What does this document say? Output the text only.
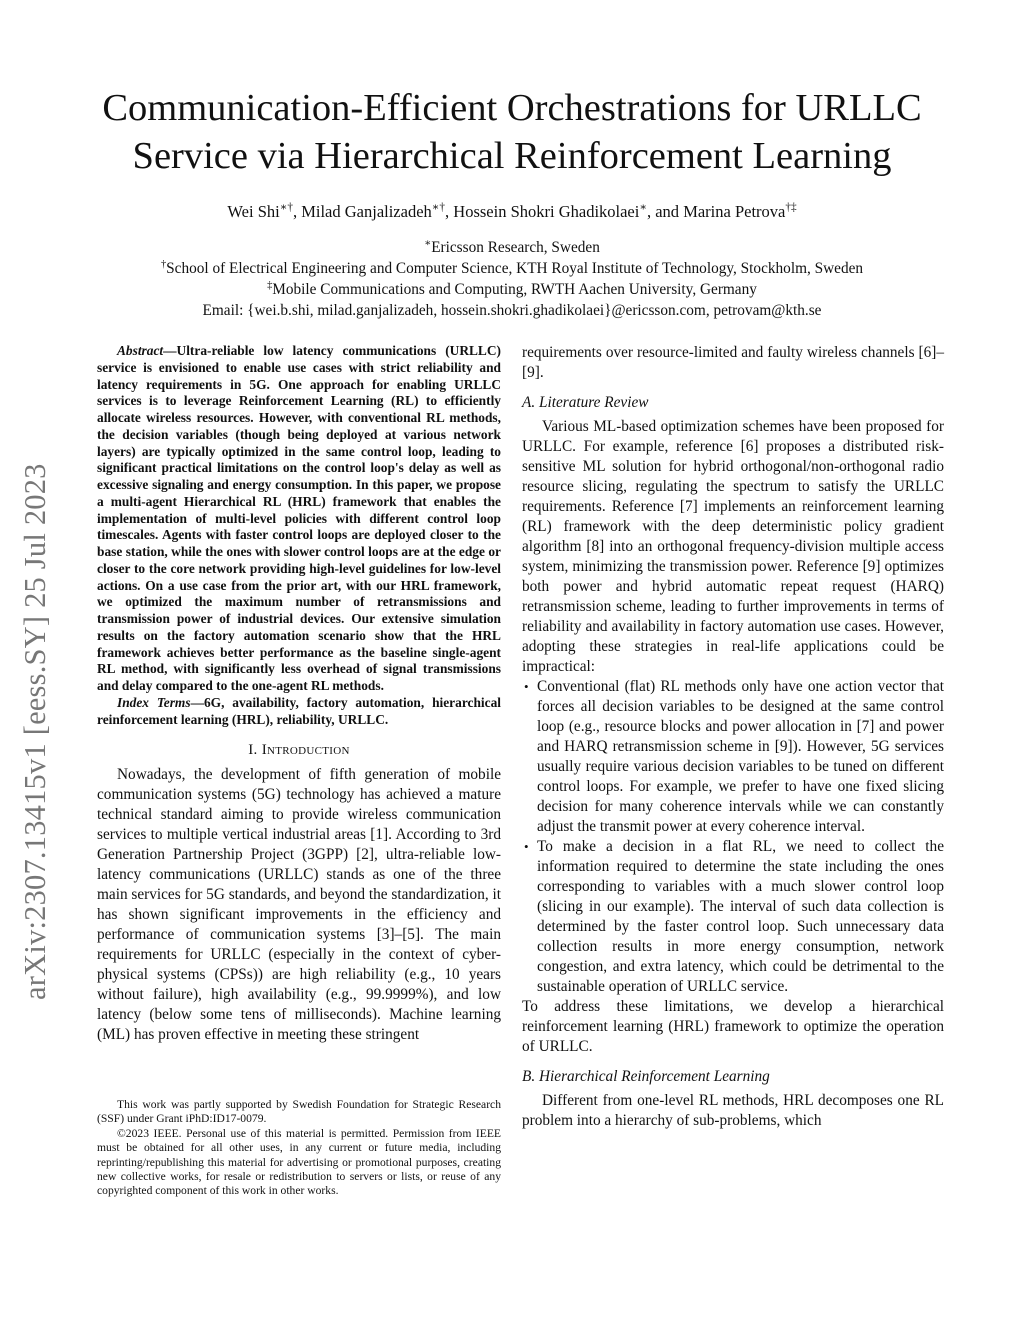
arXiv:2307.13415v1 [eess.SY] 25 Jul 2023
Communication-Efficient Orchestrations for URLLC
Service via Hierarchical Reinforcement Learning
Wei Shi∗†, Milad Ganjalizadeh∗†, Hossein Shokri Ghadikolaei∗, and Marina Petrova†‡
∗Ericsson Research, Sweden
†School of Electrical Engineering and Computer Science, KTH Royal Institute of Technology, Stockholm, Sweden
‡Mobile Communications and Computing, RWTH Aachen University, Germany
Email: {wei.b.shi, milad.ganjalizadeh, hossein.shokri.ghadikolaei}@ericsson.com, petrovam@kth.se

Abstract—Ultra-reliable low latency communications (URLLC) service is envisioned to enable use cases with strict reliability and latency requirements in 5G. One approach for enabling URLLC services is to leverage Reinforcement Learning (RL) to efficiently allocate wireless resources. However, with conventional RL methods, the decision variables (though being deployed at various network layers) are typically optimized in the same control loop, leading to significant practical limitations on the control loop's delay as well as excessive signaling and energy consumption. In this paper, we propose a multi-agent Hierarchical RL (HRL) framework that enables the implementation of multi-level policies with different control loop timescales. Agents with faster control loops are deployed closer to the base station, while the ones with slower control loops are at the edge or closer to the core network providing high-level guidelines for low-level actions. On a use case from the prior art, with our HRL framework, we optimized the maximum number of retransmissions and transmission power of industrial devices. Our extensive simulation results on the factory automation scenario show that the HRL framework achieves better performance as the baseline single-agent RL method, with significantly less overhead of signal transmissions and delay compared to the one-agent RL methods.

Index Terms—6G, availability, factory automation, hierarchical reinforcement learning (HRL), reliability, URLLC.

I. Introduction

Nowadays, the development of fifth generation of mobile communication systems (5G) technology has achieved a mature technical standard aiming to provide wireless communication services to multiple vertical industrial areas [1]. According to 3rd Generation Partnership Project (3GPP) [2], ultra-reliable low-latency communications (URLLC) stands as one of the three main services for 5G standards, and beyond the standardization, it has shown significant improvements in the efficiency and performance of communication systems [3]–[5]. The main requirements for URLLC (especially in the context of cyber-physical systems (CPSs)) are high reliability (e.g., 10 years without failure), high availability (e.g., 99.9999%), and low latency (below some tens of milliseconds). Machine learning (ML) has proven effective in meeting these stringent

This work was partly supported by Swedish Foundation for Strategic Research (SSF) under Grant iPhD:ID17-0079.

©2023 IEEE. Personal use of this material is permitted. Permission from IEEE must be obtained for all other uses, in any current or future media, including reprinting/republishing this material for advertising or promotional purposes, creating new collective works, for resale or redistribution to servers or lists, or reuse of any copyrighted component of this work in other works.

requirements over resource-limited and faulty wireless channels [6]–[9].

A. Literature Review

Various ML-based optimization schemes have been proposed for URLLC. For example, reference [6] proposes a distributed risk-sensitive ML solution for hybrid orthogonal/non-orthogonal radio resource slicing, regulating the spectrum to satisfy the URLLC requirements. Reference [7] implements an reinforcement learning (RL) framework with the deep deterministic policy gradient algorithm [8] into an orthogonal frequency-division multiple access system, minimizing the transmission power. Reference [9] optimizes both power and hybrid automatic repeat request (HARQ) retransmission scheme, leading to further improvements in terms of reliability and availability in factory automation use cases. However, adopting these strategies in real-life applications could be impractical:

• Conventional (flat) RL methods only have one action vector that forces all decision variables to be designed at the same control loop (e.g., resource blocks and power allocation in [7] and power and HARQ retransmission scheme in [9]). However, 5G services usually require various decision variables to be tuned on different control loops. For example, we prefer to have one fixed slicing decision for many coherence intervals while we can constantly adjust the transmit power at every coherence interval.
• To make a decision in a flat RL, we need to collect the information required to determine the state including the ones corresponding to variables with a much slower control loop (slicing in our example). The interval of such data collection is determined by the faster control loop. Such unnecessary data collection results in more energy consumption, network congestion, and extra latency, which could be detrimental to the sustainable operation of URLLC service.

To address these limitations, we develop a hierarchical reinforcement learning (HRL) framework to optimize the operation of URLLC.

B. Hierarchical Reinforcement Learning

Different from one-level RL methods, HRL decomposes one RL problem into a hierarchy of sub-problems, which
